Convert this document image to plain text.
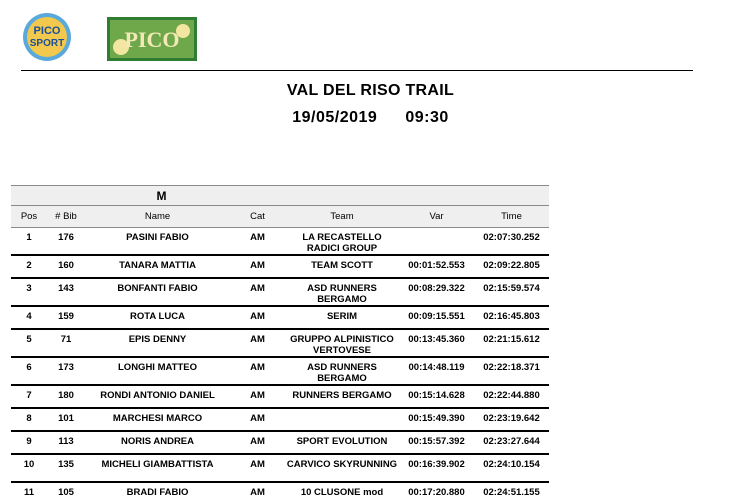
PICO
SPORT	PICO
VAL DEL RISO TRAIL
19/05/2019 09:30
		M				
Pos	# Bib	Name	Cat	Team	Var	Time
1	176	PASINI FABIO	AM	LA RECASTELLO RADICI GROUP		02:07:30.252
2	160	TANARA MATTIA	AM	TEAM SCOTT	00:01:52.553	02:09:22.805
3	143	BONFANTI FABIO	AM	ASD RUNNERS BERGAMO	00:08:29.322	02:15:59.574
4	159	ROTA LUCA	AM	SERIM	00:09:15.551	02:16:45.803
5	71	EPIS DENNY	AM	GRUPPO ALPINISTICO VERTOVESE	00:13:45.360	02:21:15.612
6	173	LONGHI MATTEO	AM	ASD RUNNERS BERGAMO	00:14:48.119	02:22:18.371
7	180	RONDI ANTONIO DANIEL	AM	RUNNERS BERGAMO	00:15:14.628	02:22:44.880
8	101	MARCHESI MARCO	AM		00:15:49.390	02:23:19.642
9	113	NORIS ANDREA	AM	SPORT EVOLUTION	00:15:57.392	02:23:27.644
10	135	MICHELI GIAMBATTISTA	AM	CARVICO SKYRUNNING	00:16:39.902	02:24:10.154
11	105	BRADI FABIO	AM	10 CLUSONE mod	00:17:20.880	02:24:51.155
